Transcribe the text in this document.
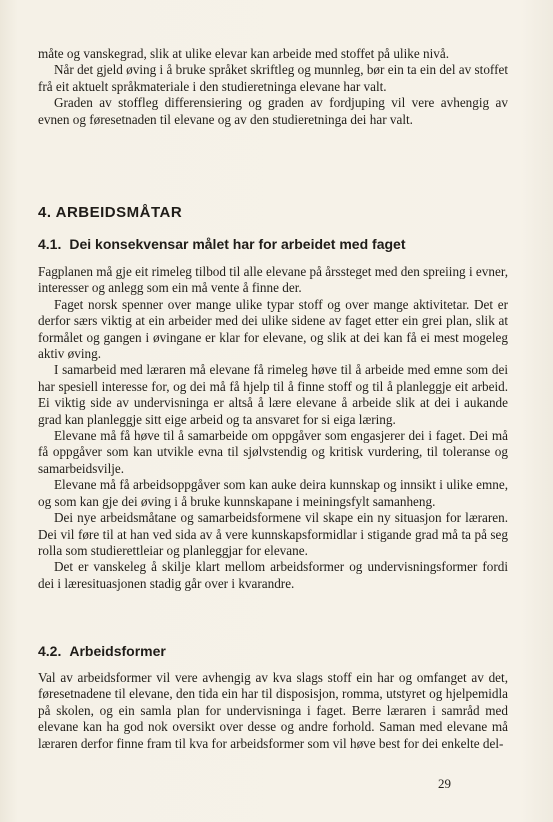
måte og vanskegrad, slik at ulike elevar kan arbeide med stoffet på ulike nivå.

Når det gjeld øving i å bruke språket skriftleg og munnleg, bør ein ta ein del av stoffet frå eit aktuelt språkmateriale i den studieretninga elevane har valt.

Graden av stoffleg differensiering og graden av fordjuping vil vere avhengig av evnen og føresetnaden til elevane og av den studieretninga dei har valt.

4. ARBEIDSMÅTAR
4.1. Dei konsekvensar målet har for arbeidet med faget

Fagplanen må gje eit rimeleg tilbod til alle elevane på årssteget med den spreiing i evner, interesser og anlegg som ein må vente å finne der.

Faget norsk spenner over mange ulike typar stoff og over mange aktivitetar. Det er derfor særs viktig at ein arbeider med dei ulike sidene av faget etter ein grei plan, slik at formålet og gangen i øvingane er klar for elevane, og slik at dei kan få ei mest mogeleg aktiv øving.

I samarbeid med læraren må elevane få rimeleg høve til å arbeide med emne som dei har spesiell interesse for, og dei må få hjelp til å finne stoff og til å planleggje eit arbeid. Ei viktig side av undervisninga er altså å lære elevane å arbeide slik at dei i aukande grad kan planleggje sitt eige arbeid og ta ansvaret for si eiga læring.

Elevane må få høve til å samarbeide om oppgåver som engasjerer dei i faget. Dei må få oppgåver som kan utvikle evna til sjølvstendig og kritisk vurdering, til toleranse og samarbeidsvilje.

Elevane må få arbeidsoppgåver som kan auke deira kunnskap og innsikt i ulike emne, og som kan gje dei øving i å bruke kunnskapane i meiningsfylt samanheng.

Dei nye arbeidsmåtane og samarbeidsformene vil skape ein ny situasjon for læraren. Dei vil føre til at han ved sida av å vere kunnskapsformidlar i stigande grad må ta på seg rolla som studierettleiar og planleggjar for elevane.

Det er vanskeleg å skilje klart mellom arbeidsformer og undervisningsformer fordi dei i læresituasjonen stadig går over i kvarandre.

4.2. Arbeidsformer

Val av arbeidsformer vil vere avhengig av kva slags stoff ein har og omfanget av det, føresetnadene til elevane, den tida ein har til disposisjon, romma, utstyret og hjelpemidla på skolen, og ein samla plan for undervisninga i faget. Berre læraren i samråd med elevane kan ha god nok oversikt over desse og andre forhold. Saman med elevane må læraren derfor finne fram til kva for arbeidsformer som vil høve best for dei enkelte del-

29
